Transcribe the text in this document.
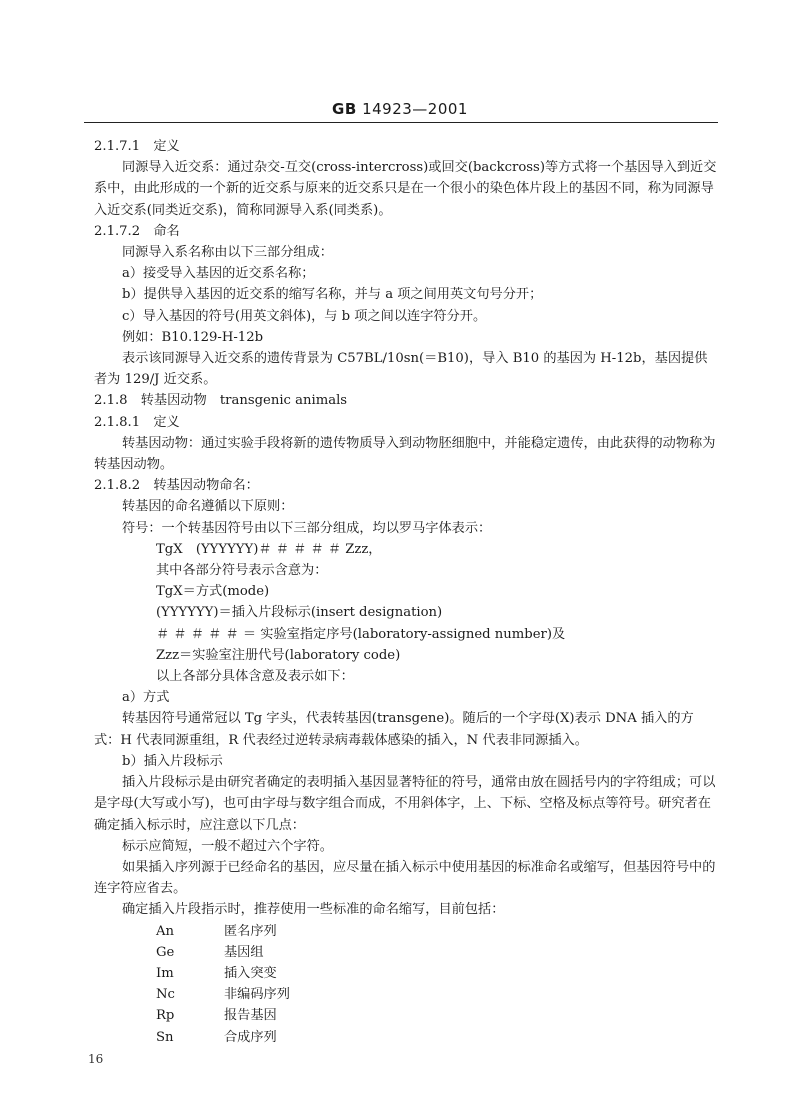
GB 14923—2001

2.1.7.1　定义

同源导入近交系：通过杂交-互交(cross-intercross)或回交(backcross)等方式将一个基因导入到近交系中，由此形成的一个新的近交系与原来的近交系只是在一个很小的染色体片段上的基因不同，称为同源导入近交系(同类近交系)，简称同源导入系(同类系)。

2.1.7.2　命名

同源导入系名称由以下三部分组成：

a）接受导入基因的近交系名称；

b）提供导入基因的近交系的缩写名称，并与 a 项之间用英文句号分开；

c）导入基因的符号(用英文斜体)，与 b 项之间以连字符分开。

例如：B10.129-H-12b

表示该同源导入近交系的遗传背景为 C57BL/10sn(＝B10)，导入 B10 的基因为 H-12b，基因提供者为 129/J 近交系。

2.1.8　转基因动物　transgenic animals

2.1.8.1　定义

转基因动物：通过实验手段将新的遗传物质导入到动物胚细胞中，并能稳定遗传，由此获得的动物称为转基因动物。

2.1.8.2　转基因动物命名：

转基因的命名遵循以下原则：

符号：一个转基因符号由以下三部分组成，均以罗马字体表示：

TgX　(YYYYYY)＃ ＃ ＃ ＃ ＃ Zzz，

其中各部分符号表示含意为：

TgX＝方式(mode)

(YYYYYY)＝插入片段标示(insert designation)

＃ ＃ ＃ ＃ ＃ ＝ 实验室指定序号(laboratory-assigned number)及

Zzz＝实验室注册代号(laboratory code)

以上各部分具体含意及表示如下：

a）方式

转基因符号通常冠以 Tg 字头，代表转基因(transgene)。随后的一个字母(X)表示 DNA 插入的方式：H 代表同源重组，R 代表经过逆转录病毒载体感染的插入，N 代表非同源插入。

b）插入片段标示

插入片段标示是由研究者确定的表明插入基因显著特征的符号，通常由放在圆括号内的字符组成；可以是字母(大写或小写)，也可由字母与数字组合而成，不用斜体字，上、下标、空格及标点等符号。研究者在确定插入标示时，应注意以下几点：

标示应简短，一般不超过六个字符。

如果插入序列源于已经命名的基因，应尽量在插入标示中使用基因的标准命名或缩写，但基因符号中的连字符应省去。

确定插入片段指示时，推荐使用一些标准的命名缩写，目前包括：

An	匿名序列
Ge	基因组
Im	插入突变
Nc	非编码序列
Rp	报告基因
Sn	合成序列
16
